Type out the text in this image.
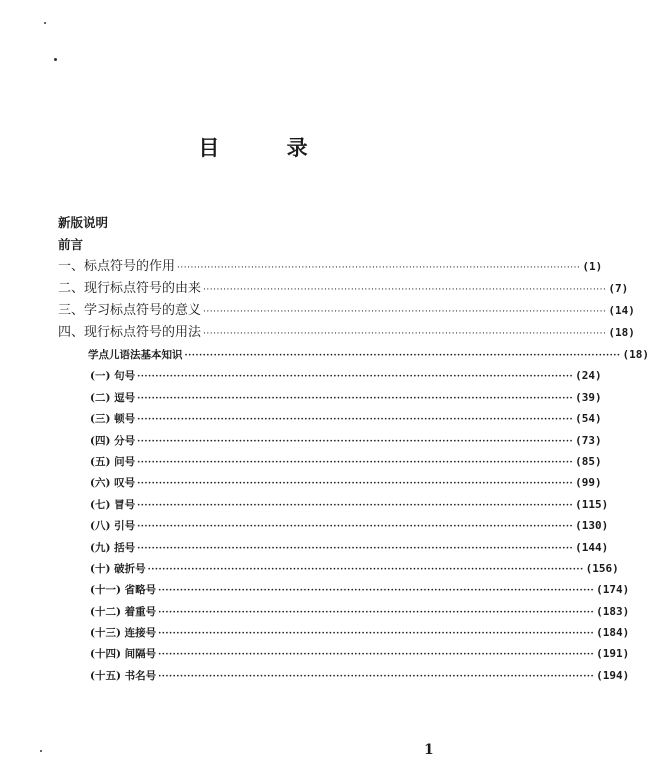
目 录
新版说明
前言
一、标点符号的作用 ························································································································ (1)
二、现行标点符号的由来 ························································································································ (7)
三、学习标点符号的意义 ························································································································ (14)
四、现行标点符号的用法 ························································································································ (18)
学点儿语法基本知识 ························································································································ (18)
(一) 句号 ························································································································ (24)
(二) 逗号 ························································································································ (39)
(三) 顿号 ························································································································ (54)
(四) 分号 ························································································································ (73)
(五) 问号 ························································································································ (85)
(六) 叹号 ························································································································ (99)
(七) 冒号 ························································································································ (115)
(八) 引号 ························································································································ (130)
(九) 括号 ························································································································ (144)
(十) 破折号 ························································································································ (156)
(十一) 省略号 ························································································································ (174)
(十二) 着重号 ························································································································ (183)
(十三) 连接号 ························································································································ (184)
(十四) 间隔号 ························································································································ (191)
(十五) 书名号 ························································································································ (194)
1
